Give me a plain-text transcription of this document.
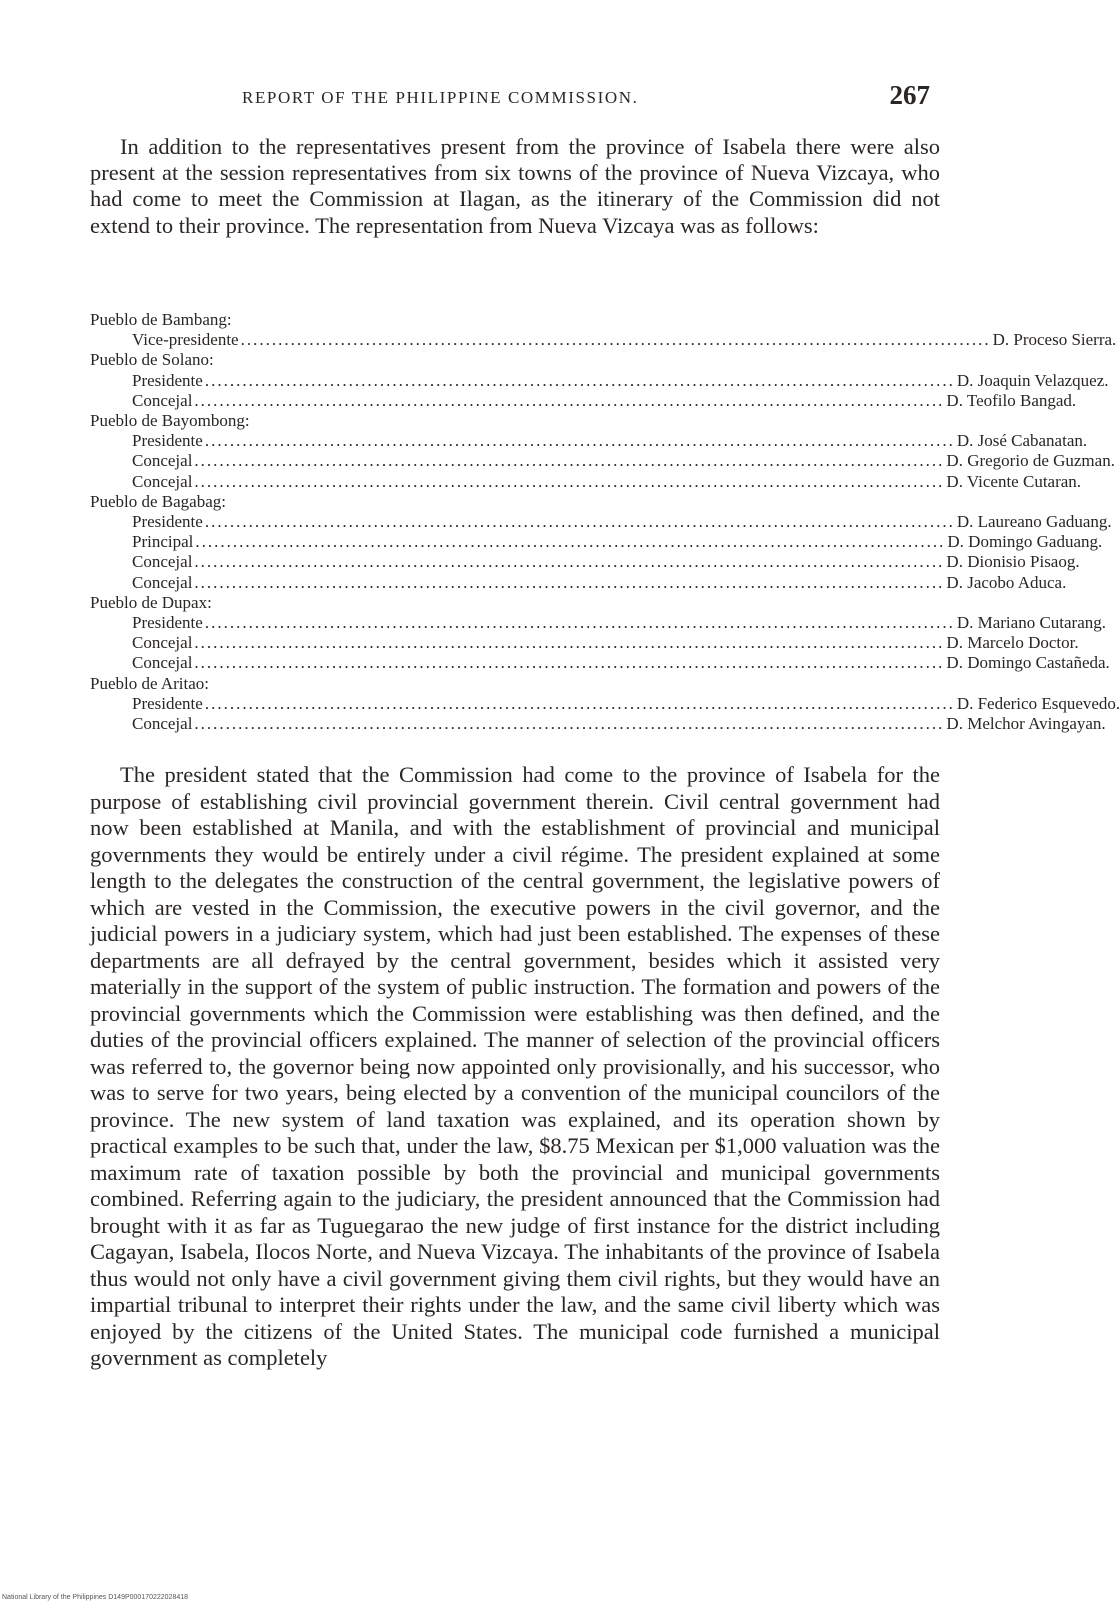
REPORT OF THE PHILIPPINE COMMISSION.	267

In addition to the representatives present from the province of Isabela there were also present at the session representatives from six towns of the province of Nueva Vizcaya, who had come to meet the Commission at Ilagan, as the itinerary of the Commission did not extend to their province. The representation from Nueva Vizcaya was as follows:

Pueblo de Bambang:
Vice-presidente ........................................................................................................................ D. Proceso Sierra.
Pueblo de Solano:
Presidente ........................................................................................................................ D. Joaquin Velazquez.
Concejal ........................................................................................................................ D. Teofilo Bangad.
Pueblo de Bayombong:
Presidente ........................................................................................................................ D. José Cabanatan.
Concejal ........................................................................................................................ D. Gregorio de Guzman.
Concejal ........................................................................................................................ D. Vicente Cutaran.
Pueblo de Bagabag:
Presidente ........................................................................................................................ D. Laureano Gaduang.
Principal ........................................................................................................................ D. Domingo Gaduang.
Concejal ........................................................................................................................ D. Dionisio Pisaog.
Concejal ........................................................................................................................ D. Jacobo Aduca.
Pueblo de Dupax:
Presidente ........................................................................................................................ D. Mariano Cutarang.
Concejal ........................................................................................................................ D. Marcelo Doctor.
Concejal ........................................................................................................................ D. Domingo Castañeda.
Pueblo de Aritao:
Presidente ........................................................................................................................ D. Federico Esquevedo.
Concejal ........................................................................................................................ D. Melchor Avingayan.

The president stated that the Commission had come to the province of Isabela for the purpose of establishing civil provincial government therein. Civil central government had now been established at Manila, and with the establishment of provincial and municipal governments they would be entirely under a civil régime. The president explained at some length to the delegates the construction of the central government, the legislative powers of which are vested in the Commission, the executive powers in the civil governor, and the judicial powers in a judiciary system, which had just been established. The expenses of these departments are all defrayed by the central government, besides which it assisted very materially in the support of the system of public instruction. The formation and powers of the provincial governments which the Commission were establishing was then defined, and the duties of the provincial officers explained. The manner of selection of the provincial officers was referred to, the governor being now appointed only provisionally, and his successor, who was to serve for two years, being elected by a convention of the municipal councilors of the province. The new system of land taxation was explained, and its operation shown by practical examples to be such that, under the law, $8.75 Mexican per $1,000 valuation was the maximum rate of taxation possible by both the provincial and municipal governments combined. Referring again to the judiciary, the president announced that the Commission had brought with it as far as Tuguegarao the new judge of first instance for the district including Cagayan, Isabela, Ilocos Norte, and Nueva Vizcaya. The inhabitants of the province of Isabela thus would not only have a civil government giving them civil rights, but they would have an impartial tribunal to interpret their rights under the law, and the same civil liberty which was enjoyed by the citizens of the United States. The municipal code furnished a municipal government as completely

National Library of the Philippines D149P000170222028418
